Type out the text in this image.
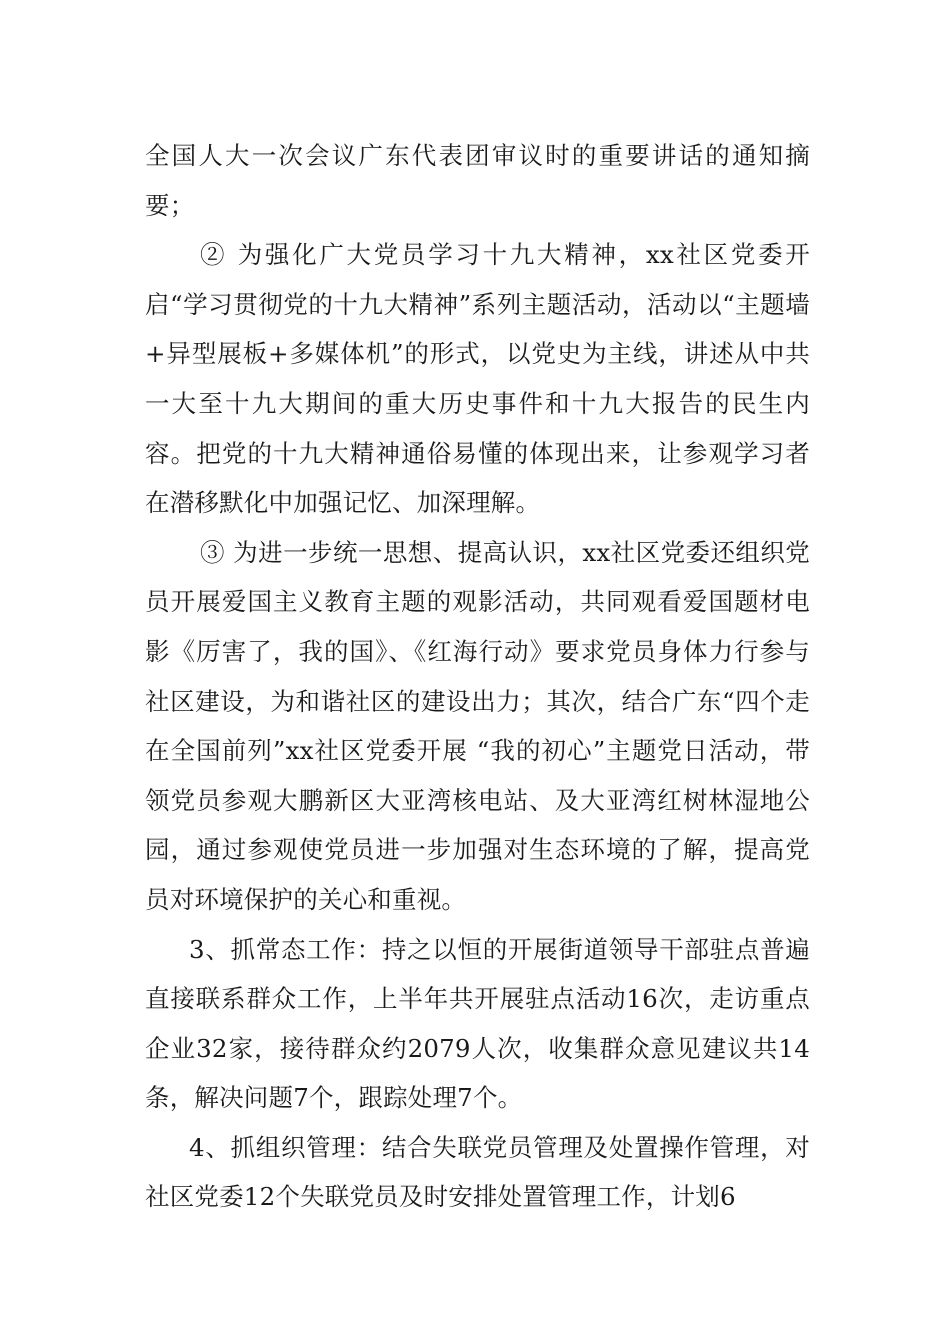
全国人大一次会议广东代表团审议时的重要讲话的通知摘要；

② 为强化广大党员学习十九大精神，xx社区党委开启“学习贯彻党的十九大精神”系列主题活动，活动以“主题墙+异型展板+多媒体机”的形式，以党史为主线，讲述从中共一大至十九大期间的重大历史事件和十九大报告的民生内容。把党的十九大精神通俗易懂的体现出来，让参观学习者在潜移默化中加强记忆、加深理解。

③ 为进一步统一思想、提高认识，xx社区党委还组织党员开展爱国主义教育主题的观影活动，共同观看爱国题材电影《厉害了，我的国》、《红海行动》要求党员身体力行参与社区建设，为和谐社区的建设出力；其次，结合广东“四个走在全国前列”xx社区党委开展 “我的初心”主题党日活动，带领党员参观大鹏新区大亚湾核电站、及大亚湾红树林湿地公园，通过参观使党员进一步加强对生态环境的了解，提高党员对环境保护的关心和重视。

3、抓常态工作：持之以恒的开展街道领导干部驻点普遍直接联系群众工作，上半年共开展驻点活动16次，走访重点企业32家，接待群众约2079人次，收集群众意见建议共14条，解决问题7个，跟踪处理7个。

4、抓组织管理：结合失联党员管理及处置操作管理，对社区党委12个失联党员及时安排处置管理工作，计划6
